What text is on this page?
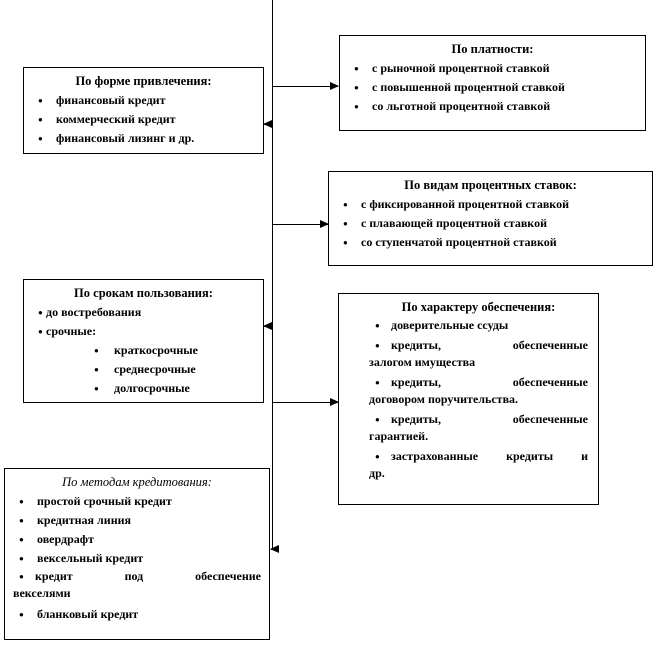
По платности:
● с рыночной процентной ставкой
● с повышенной процентной ставкой
● со льготной процентной ставкой
По форме привлечения:
● финансовый кредит
● коммерческий кредит
● финансовый лизинг и др.
По видам процентных ставок:
● с фиксированной процентной ставкой
● с плавающей процентной ставкой
● со ступенчатой процентной ставкой
По срокам пользования:
● до востребования
● срочные:
● краткосрочные
● среднесрочные
● долгосрочные
По характеру обеспечения:
● доверительные ссуды
● кредиты, обеспеченные
залогом имущества
● кредиты, обеспеченные
договором поручительства.
● кредиты, обеспеченные
гарантией.
● застрахованные кредиты и
др.
По методам кредитования:
● простой срочный кредит
● кредитная линия
● овердрафт
● вексельный кредит
● кредит под обеспечение
векселями
● бланковый кредит
